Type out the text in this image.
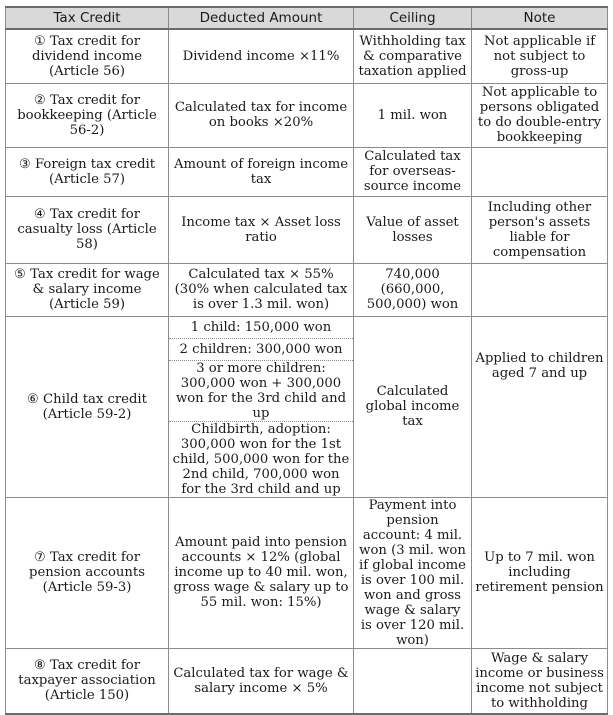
Tax Credit	Deducted Amount	Ceiling	Note
① Tax credit for dividend income (Article 56)	Dividend income ×11%	Withholding tax & comparative taxation applied	Not applicable if not subject to gross-up
② Tax credit for bookkeeping (Article 56-2)	Calculated tax for income on books ×20%	1 mil. won	Not applicable to persons obligated to do double-entry bookkeeping
③ Foreign tax credit (Article 57)	Amount of foreign income tax	Calculated tax for overseas-source income	
④ Tax credit for casualty loss (Article 58)	Income tax × Asset loss ratio	Value of asset losses	Including other person's assets liable for compensation
⑤ Tax credit for wage & salary income (Article 59)	Calculated tax × 55% (30% when calculated tax is over 1.3 mil. won)	740,000 (660,000, 500,000) won	
⑥ Child tax credit (Article 59-2)	1 child: 150,000 won	Calculated global income tax	Applied to children aged 7 and up
	2 children: 300,000 won		
	3 or more children: 300,000 won + 300,000 won for the 3rd child and up		
	Childbirth, adoption: 300,000 won for the 1st child, 500,000 won for the 2nd child, 700,000 won for the 3rd child and up		
⑦ Tax credit for pension accounts (Article 59-3)	Amount paid into pension accounts × 12% (global income up to 40 mil. won, gross wage & salary up to 55 mil. won: 15%)	Payment into pension account: 4 mil. won (3 mil. won if global income is over 100 mil. won and gross wage & salary is over 120 mil. won)	Up to 7 mil. won including retirement pension
⑧ Tax credit for taxpayer association (Article 150)	Calculated tax for wage & salary income × 5%		Wage & salary income or business income not subject to withholding
